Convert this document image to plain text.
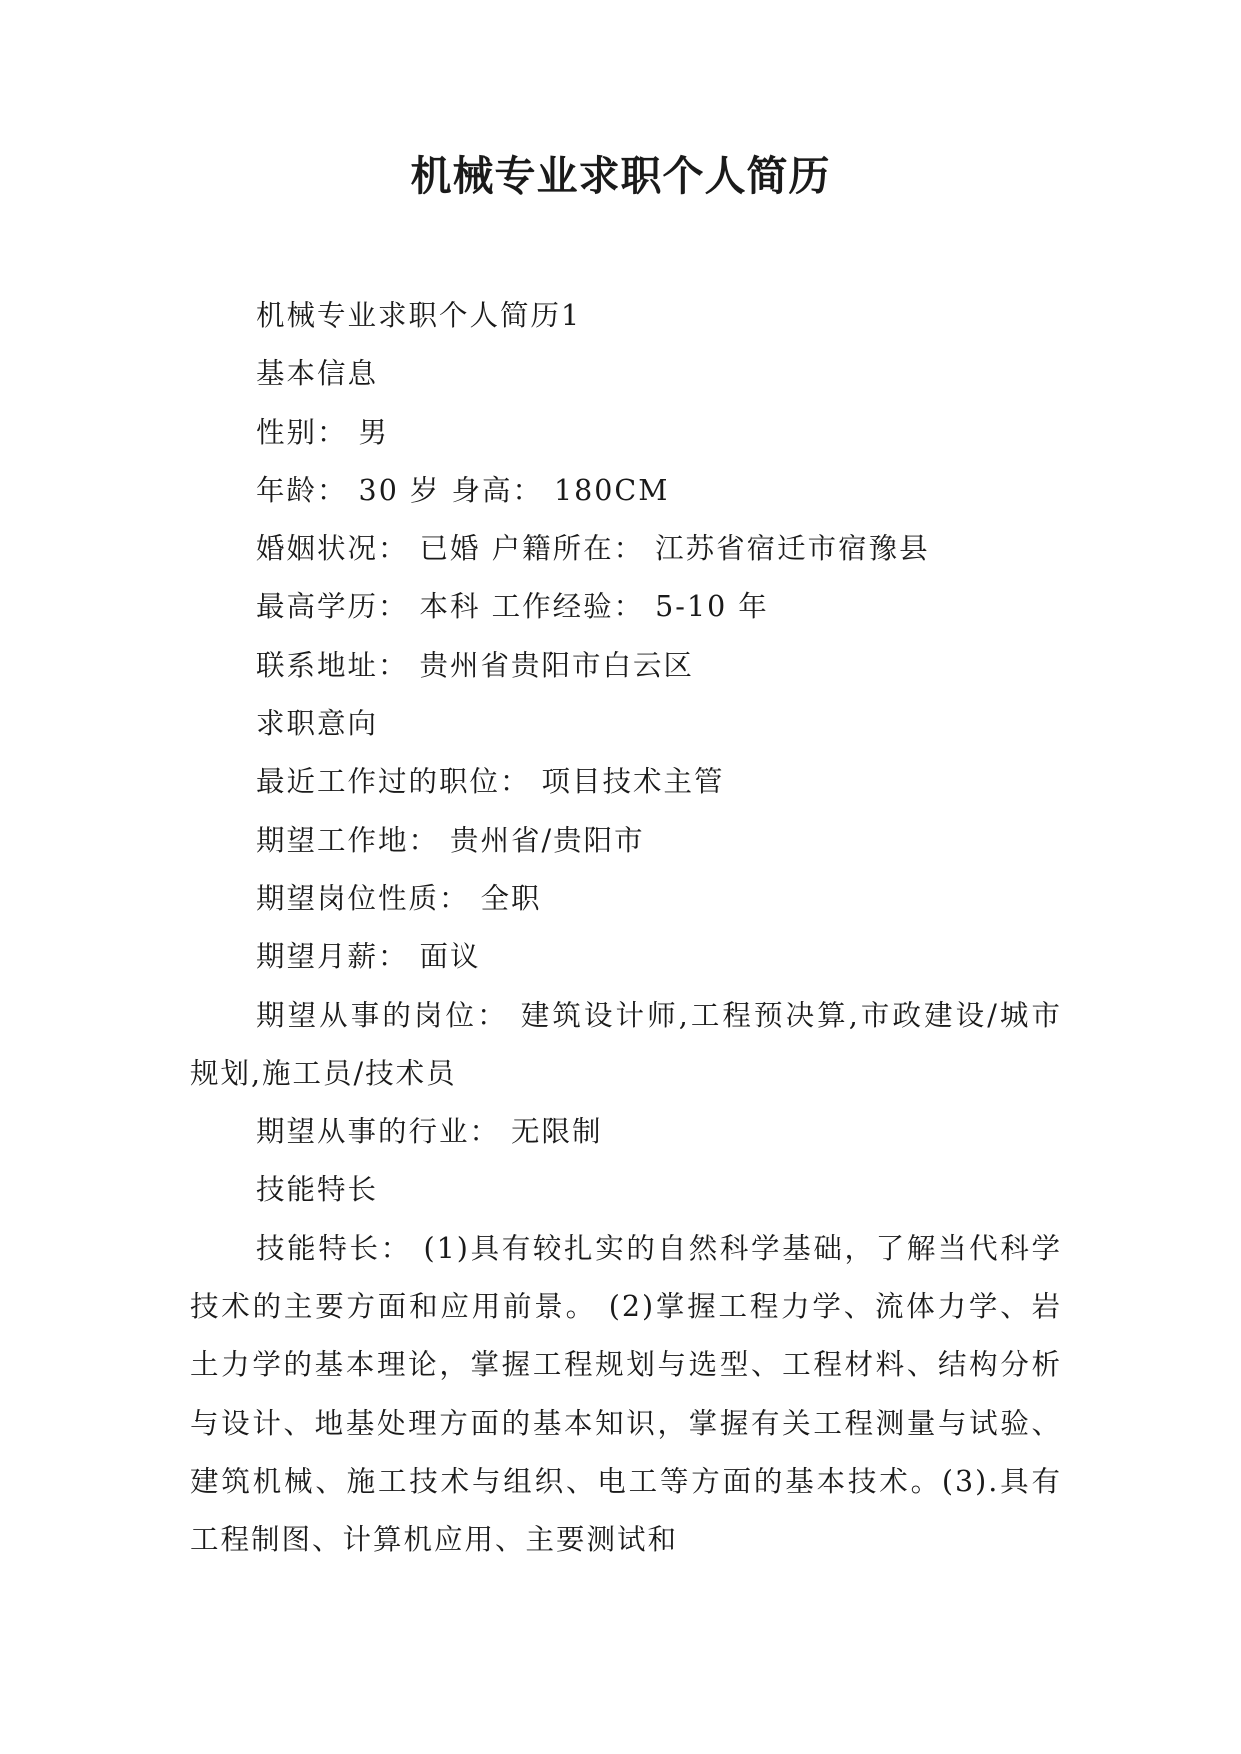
机械专业求职个人简历

机械专业求职个人简历1

基本信息

性别： 男

年龄： 30 岁 身高： 180CM

婚姻状况： 已婚 户籍所在： 江苏省宿迁市宿豫县

最高学历： 本科 工作经验： 5-10 年

联系地址： 贵州省贵阳市白云区

求职意向

最近工作过的职位： 项目技术主管

期望工作地： 贵州省/贵阳市

期望岗位性质： 全职

期望月薪： 面议

期望从事的岗位： 建筑设计师,工程预决算,市政建设/城市规划,施工员/技术员

期望从事的行业： 无限制

技能特长

技能特长： (1)具有较扎实的自然科学基础，了解当代科学技术的主要方面和应用前景。 (2)掌握工程力学、流体力学、岩土力学的基本理论，掌握工程规划与选型、工程材料、结构分析与设计、地基处理方面的基本知识，掌握有关工程测量与试验、建筑机械、施工技术与组织、电工等方面的基本技术。(3).具有工程制图、计算机应用、主要测试和
